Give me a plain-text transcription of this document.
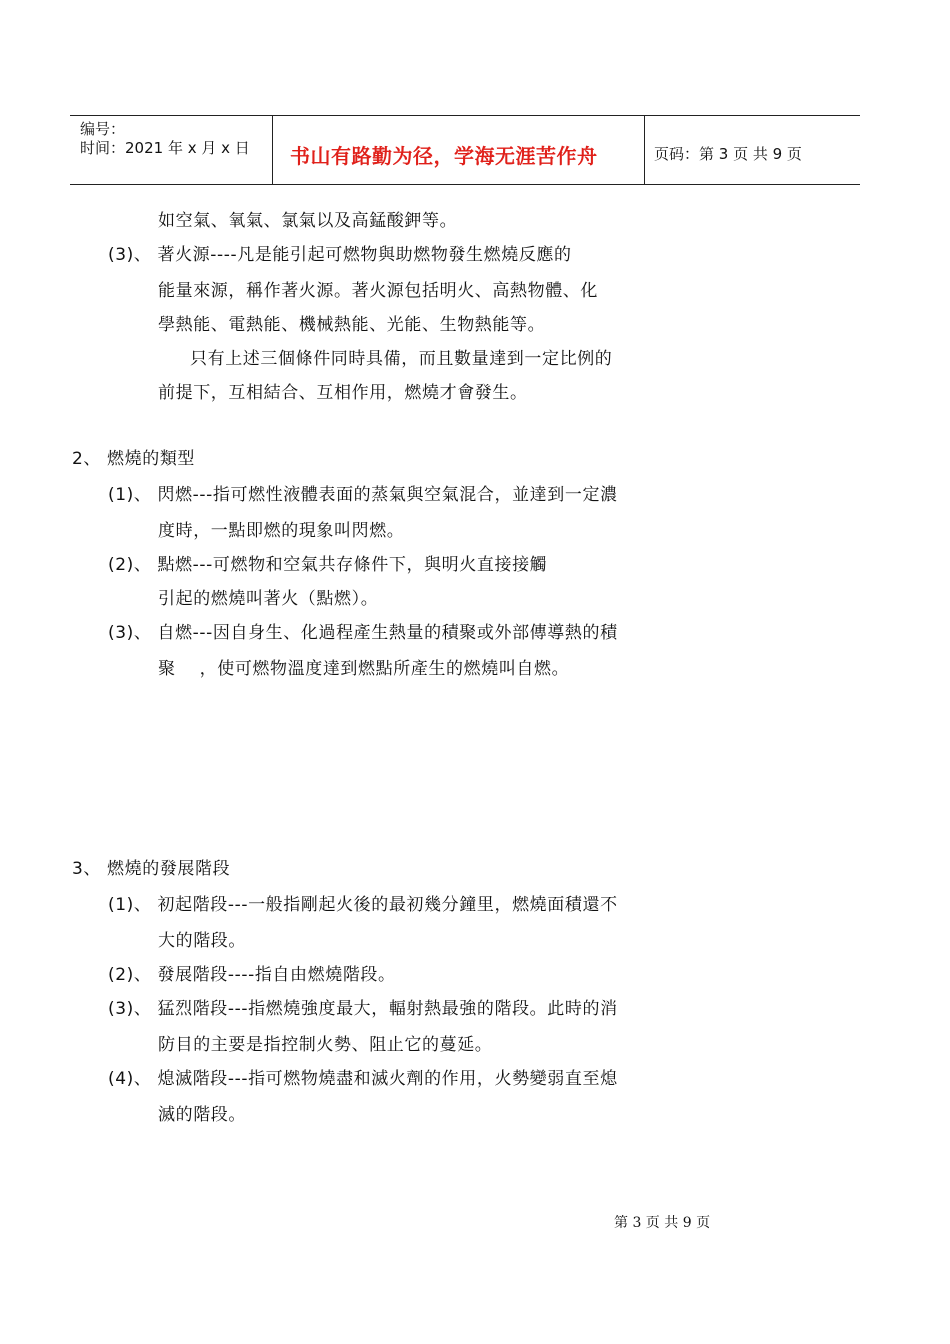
编号：
时间：2021 年 x 月 x 日 书山有路勤为径，学海无涯苦作舟	页码：第 3 页 共 9 页
如空氣、氧氣、氯氣以及高錳酸鉀等。
(3)、 著火源----凡是能引起可燃物與助燃物發生燃燒反應的
能量來源，稱作著火源。著火源包括明火、高熱物體、化
學熱能、電熱能、機械熱能、光能、生物熱能等。
只有上述三個條件同時具備，而且數量達到一定比例的
前提下，互相結合、互相作用，燃燒才會發生。
2、 燃燒的類型
(1)、 閃燃---指可燃性液體表面的蒸氣與空氣混合，並達到一定濃
度時，一點即燃的現象叫閃燃。
(2)、 點燃---可燃物和空氣共存條件下，與明火直接接觸
引起的燃燒叫著火（點燃）。
(3)、 自燃---因自身生、化過程產生熱量的積聚或外部傳導熱的積
聚    ，使可燃物溫度達到燃點所產生的燃燒叫自燃。
3、 燃燒的發展階段
(1)、 初起階段---一般指剛起火後的最初幾分鐘里，燃燒面積還不
大的階段。
(2)、 發展階段----指自由燃燒階段。
(3)、 猛烈階段---指燃燒強度最大，輻射熱最強的階段。此時的消
防目的主要是指控制火勢、阻止它的蔓延。
(4)、 熄滅階段---指可燃物燒盡和滅火劑的作用，火勢變弱直至熄
滅的階段。
第 3 页 共 9 页
